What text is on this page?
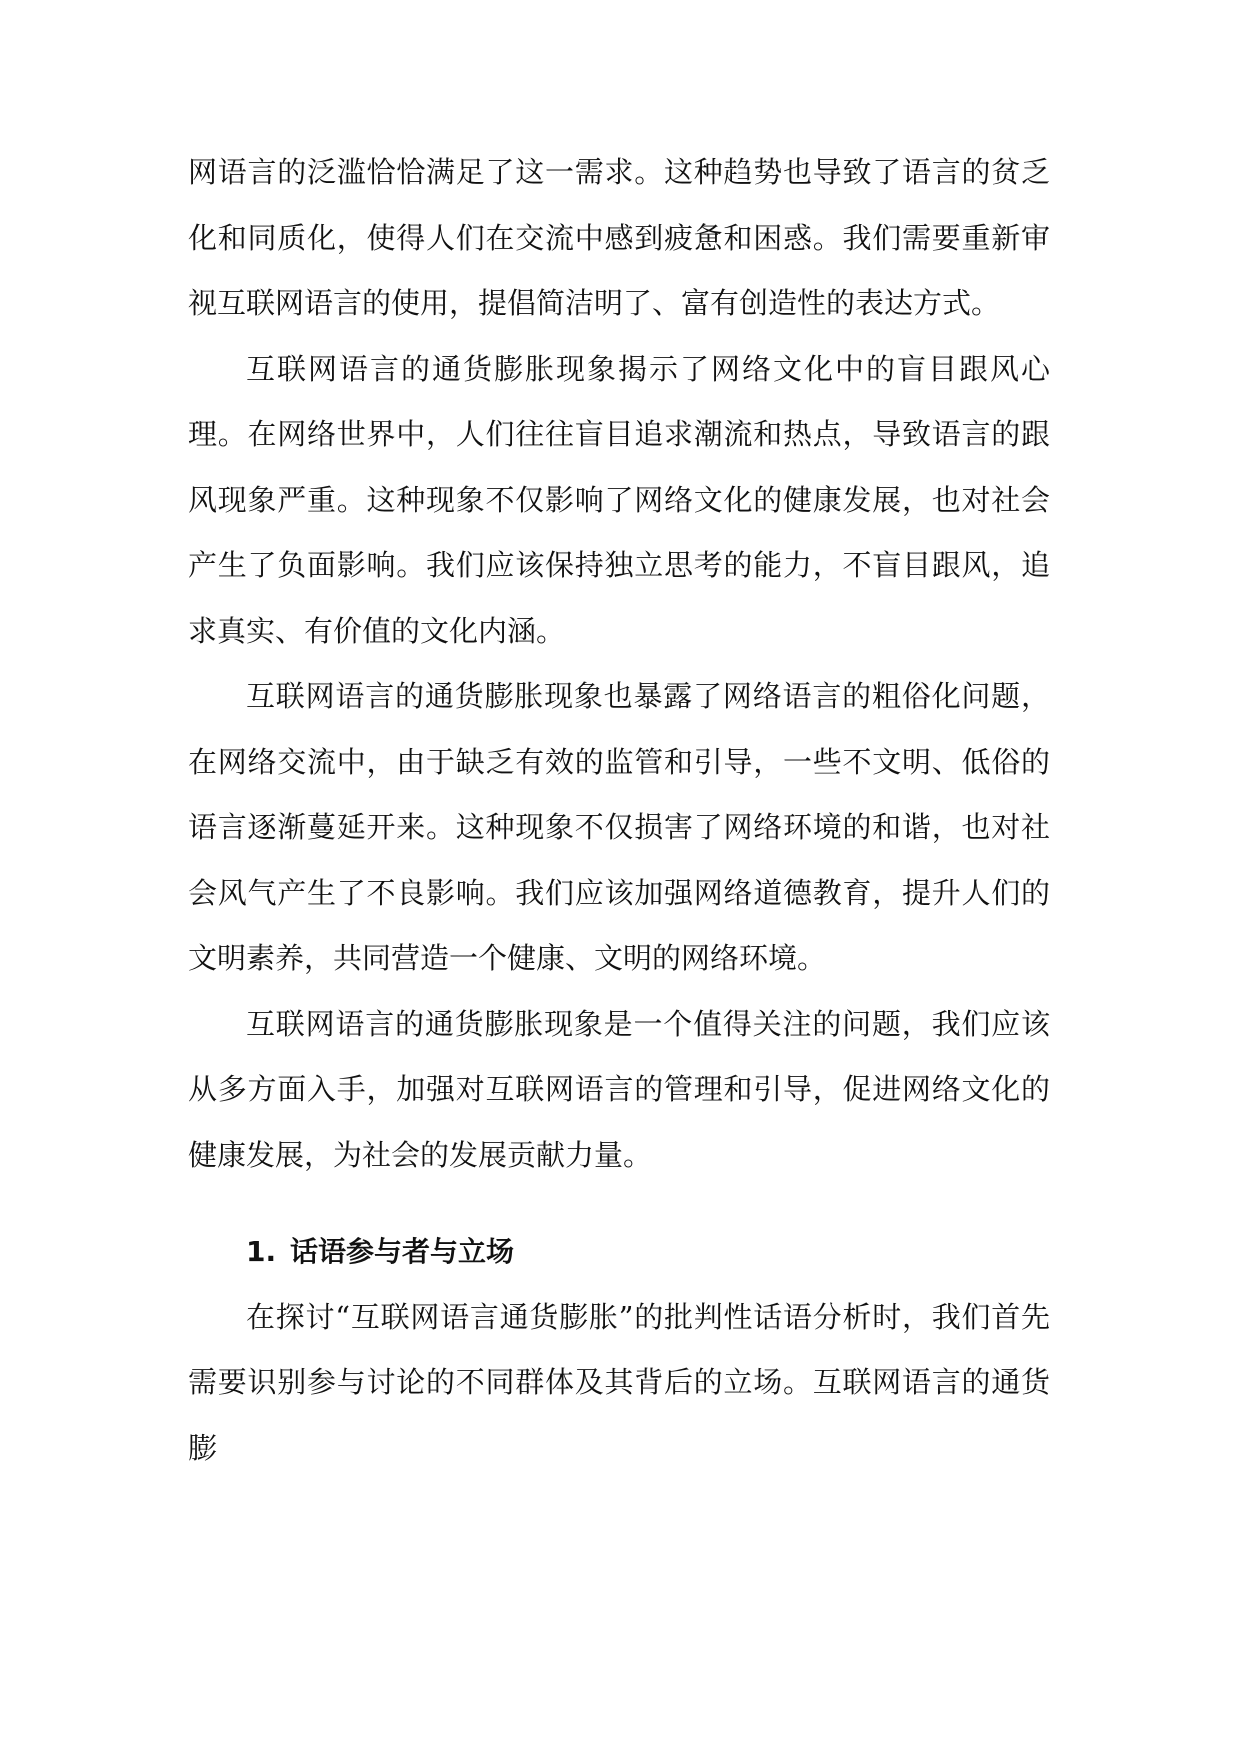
网语言的泛滥恰恰满足了这一需求。这种趋势也导致了语言的贫乏化和同质化，使得人们在交流中感到疲惫和困惑。我们需要重新审视互联网语言的使用，提倡简洁明了、富有创造性的表达方式。

互联网语言的通货膨胀现象揭示了网络文化中的盲目跟风心理。在网络世界中，人们往往盲目追求潮流和热点，导致语言的跟风现象严重。这种现象不仅影响了网络文化的健康发展，也对社会产生了负面影响。我们应该保持独立思考的能力，不盲目跟风，追求真实、有价值的文化内涵。

互联网语言的通货膨胀现象也暴露了网络语言的粗俗化问题，在网络交流中，由于缺乏有效的监管和引导，一些不文明、低俗的语言逐渐蔓延开来。这种现象不仅损害了网络环境的和谐，也对社会风气产生了不良影响。我们应该加强网络道德教育，提升人们的文明素养，共同营造一个健康、文明的网络环境。

互联网语言的通货膨胀现象是一个值得关注的问题，我们应该从多方面入手，加强对互联网语言的管理和引导，促进网络文化的健康发展，为社会的发展贡献力量。

1. 话语参与者与立场

在探讨“互联网语言通货膨胀”的批判性话语分析时，我们首先需要识别参与讨论的不同群体及其背后的立场。互联网语言的通货膨
